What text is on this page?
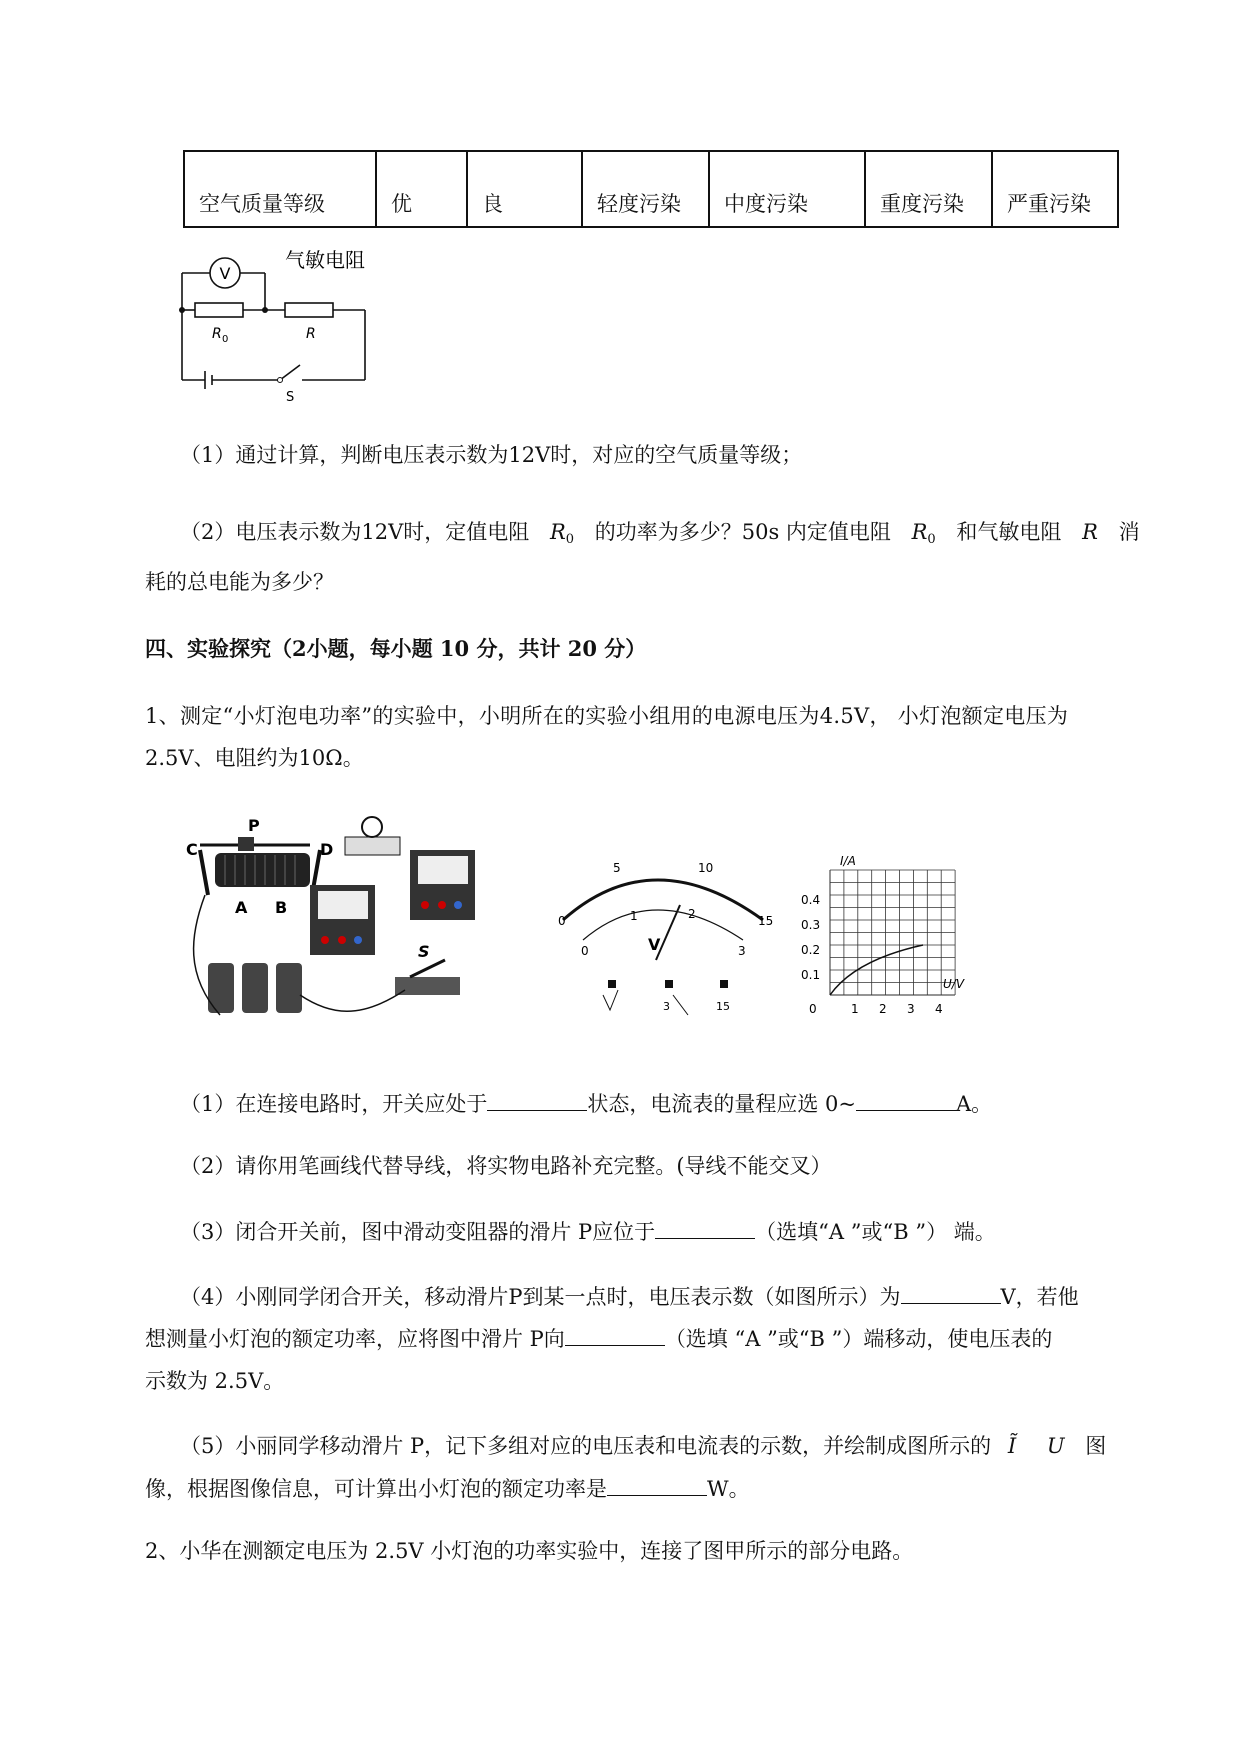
空气质量等级	优	良	轻度污染	中度污染	重度污染	严重污染
V
气敏电阻
R 0	R
S
（1）通过计算，判断电压表示数为12V时，对应的空气质量等级；
（2）电压表示数为12V时，定值电阻 $R_0$ 的功率为多少？50s 内定值电阻 $R_0$ 和气敏电阻 R 消
耗的总电能为多少？
四、实验探究（2小题，每小题 10 分，共计 20 分）
1、测定“小灯泡电功率”的实验中，小明所在的实验小组用的电源电压为4.5V， 小灯泡额定电压为
2.5V、电阻约为10Ω。
P
C	D
A B
S
0
5	10
15
0
1	2
3
V
3	15
I/A
U/V
0.4
0.3
0.2
0.1
0	1 2 3 4
（1）在连接电路时，开关应处于	状态，电流表的量程应选 0~	A。
（2）请你用笔画线代替导线，将实物电路补充完整。(导线不能交叉）
（3）闭合开关前，图中滑动变阻器的滑片 P应位于	（选填“A ”或“B ”） 端。
（4）小刚同学闭合开关，移动滑片P到某一点时，电压表示数（如图所示）为	V，若他
想测量小灯泡的额定功率，应将图中滑片 P向	（选填 “A ”或“B ”）端移动，使电压表的
示数为 2.5V。
（5）小丽同学移动滑片 P，记下多组对应的电压表和电流表的示数，并绘制成图所示的 Ĩ U 图
像，根据图像信息，可计算出小灯泡的额定功率是	W。
2、小华在测额定电压为 2.5V 小灯泡的功率实验中，连接了图甲所示的部分电路。
